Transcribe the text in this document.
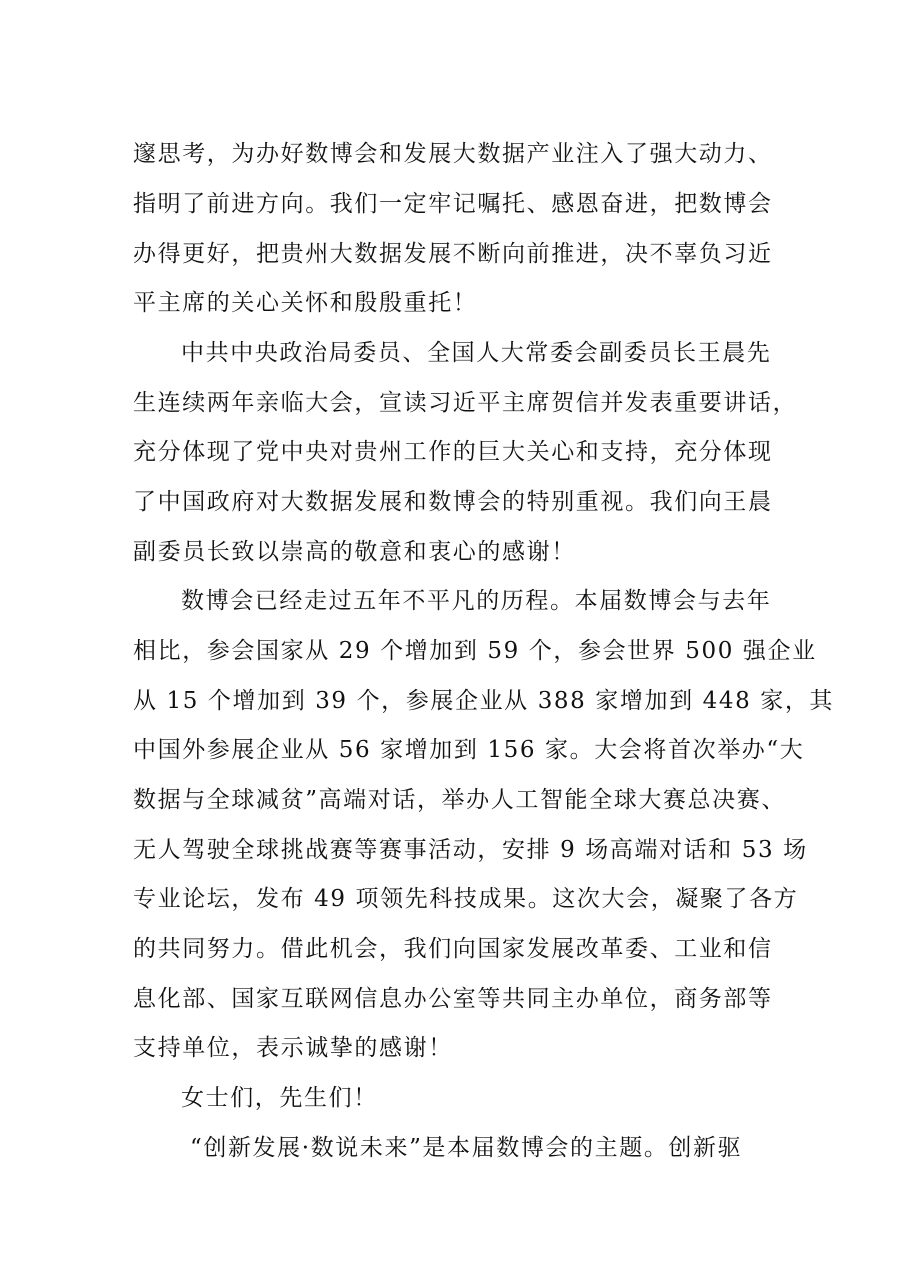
邃思考，为办好数博会和发展大数据产业注入了强大动力、
指明了前进方向。我们一定牢记嘱托、感恩奋进，把数博会
办得更好，把贵州大数据发展不断向前推进，决不辜负习近
平主席的关心关怀和殷殷重托！
中共中央政治局委员、全国人大常委会副委员长王晨先
生连续两年亲临大会，宣读习近平主席贺信并发表重要讲话，
充分体现了党中央对贵州工作的巨大关心和支持，充分体现
了中国政府对大数据发展和数博会的特别重视。我们向王晨
副委员长致以崇高的敬意和衷心的感谢！
数博会已经走过五年不平凡的历程。本届数博会与去年
相比，参会国家从 29 个增加到 59 个，参会世界 500 强企业
从 15 个增加到 39 个，参展企业从 388 家增加到 448 家，其
中国外参展企业从 56 家增加到 156 家。大会将首次举办“大
数据与全球减贫”高端对话，举办人工智能全球大赛总决赛、
无人驾驶全球挑战赛等赛事活动，安排 9 场高端对话和 53 场
专业论坛，发布 49 项领先科技成果。这次大会，凝聚了各方
的共同努力。借此机会，我们向国家发展改革委、工业和信
息化部、国家互联网信息办公室等共同主办单位，商务部等
支持单位，表示诚挚的感谢！
女士们，先生们！
“创新发展·数说未来”是本届数博会的主题。创新驱
